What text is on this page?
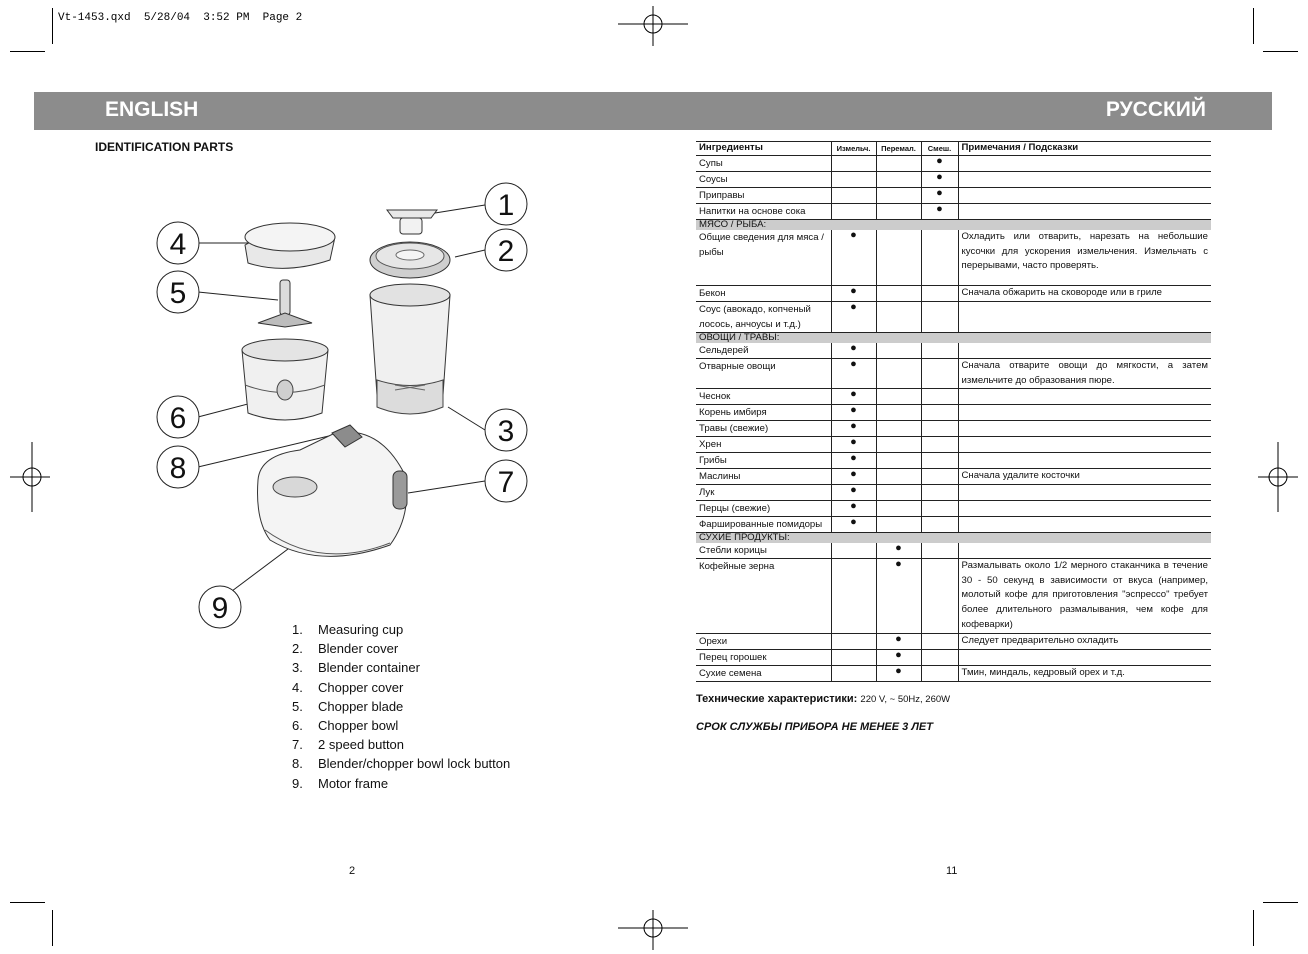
Vt-1453.qxd  5/28/04  3:52 PM  Page 2
ENGLISH	РУССКИЙ
IDENTIFICATION PARTS
1
2
3
4
5
6
7
8
9
1. Measuring cup
2. Blender cover
3. Blender container
4. Chopper cover
5. Chopper blade
6. Chopper bowl
7. 2 speed button
8. Blender/chopper bowl lock button
9. Motor frame
2
Ингредиенты	Измельч.	Перемал.	Смеш.	Примечания / Подсказки
Супы			●	
Соусы			●	
Приправы			●	
Напитки на основе сока			●	
МЯСО / РЫБА:				
Общие сведения для мяса / рыбы	●			Охладить или отварить, нарезать на небольшие кусочки для ускорения измельчения. Измельчать с перерывами, часто проверять.
Бекон	●			Сначала обжарить на сковороде или в гриле
Соус (авокадо, копченый лосось, анчоусы и т.д.)	●			
ОВОЩИ / ТРАВЫ:				
Сельдерей	●			
Отварные овощи	●			Сначала отварите овощи до мягкости, а затем измельчите до образования пюре.
Чеснок	●			
Корень имбиря	●			
Травы (свежие)	●			
Хрен	●			
Грибы	●			
Маслины	●			Сначала удалите косточки
Лук	●			
Перцы (свежие)	●			
Фаршированные помидоры	●			
СУХИЕ ПРОДУКТЫ:				
Стебли корицы		●		
Кофейные зерна		●		Размалывать около 1/2 мерного стаканчика в течение 30 - 50 секунд в зависимости от вкуса (например, молотый кофе для приготовления "эспрессо" требует более длительного размалывания, чем кофе для кофеварки)
Орехи		●		Следует предварительно охладить
Перец горошек		●		
Сухие семена		●		Тмин, миндаль, кедровый орех и т.д.
Технические характеристики: 220 V, ~ 50Hz, 260W
СРОК СЛУЖБЫ ПРИБОРА НЕ МЕНЕЕ 3 ЛЕТ
11
